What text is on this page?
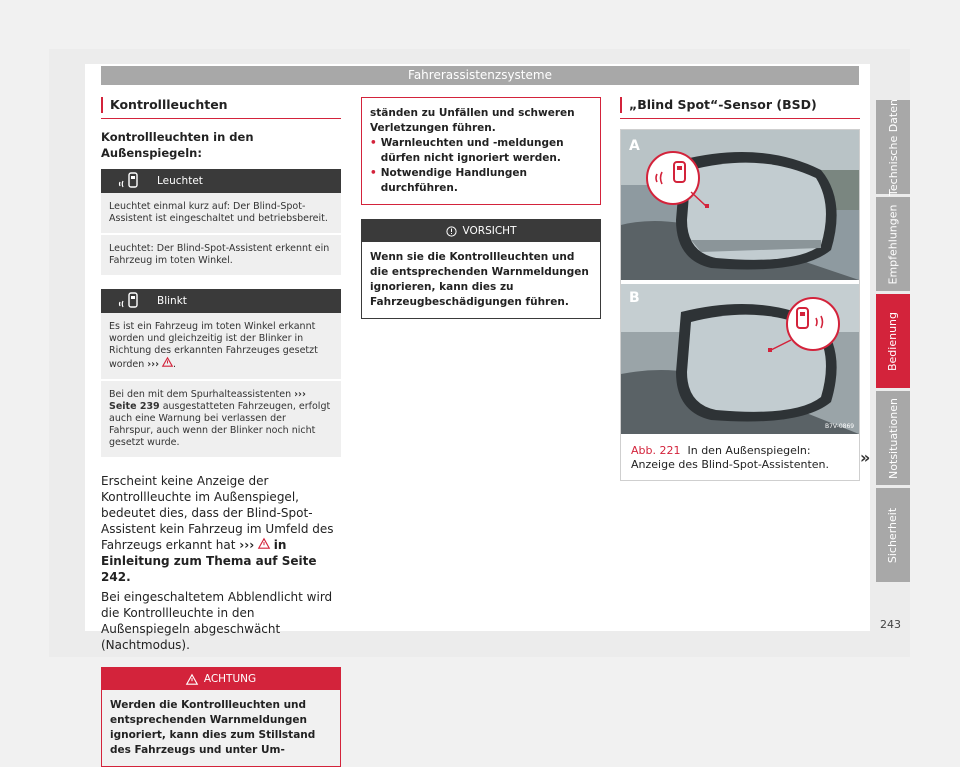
Fahrerassistenzsysteme
Technische Daten
Empfehlungen
Bedienung
Notsituationen
Sicherheit
Kontrollleuchten
Kontrollleuchten in den Außenspiegeln:
Leuchtet
Leuchtet einmal kurz auf: Der Blind-Spot-Assistent ist eingeschaltet und betriebsbereit.
Leuchtet: Der Blind-Spot-Assistent erkennt ein Fahrzeug im toten Winkel.
Blinkt
Es ist ein Fahrzeug im toten Winkel erkannt worden und gleichzeitig ist der Blinker in Richtung des erkannten Fahrzeuges gesetzt worden ››› .
Bei den mit dem Spurhalteassistenten ››› Seite 239 ausgestatteten Fahrzeugen, erfolgt auch eine Warnung bei verlassen der Fahrspur, auch wenn der Blinker noch nicht gesetzt wurde.
Erscheint keine Anzeige der Kontrollleuchte im Außenspiegel, bedeutet dies, dass der Blind-Spot-Assistent kein Fahrzeug im Umfeld des Fahrzeugs erkannt hat ››› in Einleitung zum Thema auf Seite 242.
Bei eingeschaltetem Abblendlicht wird die Kontrollleuchte in den Außenspiegeln abgeschwächt (Nachtmodus).
ACHTUNG
Werden die Kontrollleuchten und entsprechenden Warnmeldungen ignoriert, kann dies zum Stillstand des Fahrzeugs und unter Um-
ständen zu Unfällen und schweren Verletzungen führen.
• Warnleuchten und -meldungen dürfen nicht ignoriert werden.
• Notwendige Handlungen durchführen.
VORSICHT
Wenn sie die Kontrollleuchten und die entsprechenden Warnmeldungen ignorieren, kann dies zu Fahrzeugbeschädigungen führen.
„Blind Spot“-Sensor (BSD)
A
B
B7V-0869
Abb. 221 In den Außenspiegeln: Anzeige des Blind-Spot-Assistenten.	»
243
